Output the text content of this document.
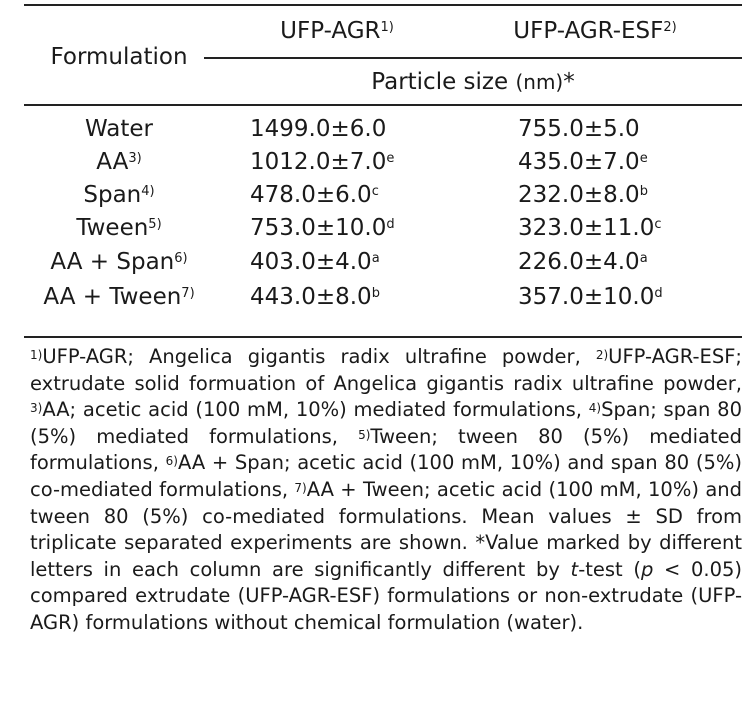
Formulation
UFP-AGR$^{1)}$	UFP-AGR-ESF$^{2)}$
Particle size (nm)*
Water	1499.0±6.0	755.0±5.0
AA$^{3)}$	1012.0±7.0$^e$	435.0±7.0$^e$
Span$^{4)}$	478.0±6.0$^c$	232.0±8.0$^b$
Tween$^{5)}$	753.0±10.0$^d$	323.0±11.0$^c$
AA + Span$^{6)}$	403.0±4.0$^a$	226.0±4.0$^a$
AA + Tween$^{7)}$	443.0±8.0$^b$	357.0±10.0$^d$

$^{1)}$UFP-AGR; Angelica gigantis radix ultrafine powder, $^{2)}$UFP-AGR-ESF; extrudate solid formuation of Angelica gigantis radix ultrafine powder, $^{3)}$AA; acetic acid (100 mM, 10%) mediated formulations, $^{4)}$Span; span 80 (5%) mediated formulations, $^{5)}$Tween; tween 80 (5%) mediated formulations, $^{6)}$AA + Span; acetic acid (100 mM, 10%) and span 80 (5%) co-mediated formulations, $^{7)}$AA + Tween; acetic acid (100 mM, 10%) and tween 80 (5%) co-mediated formulations. Mean values ± SD from triplicate separated experiments are shown. *Value marked by different letters in each column are significantly different by t-test (p < 0.05) compared extrudate (UFP-AGR-ESF) formulations or non-extrudate (UFP-AGR) formulations without chemical formulation (water).
